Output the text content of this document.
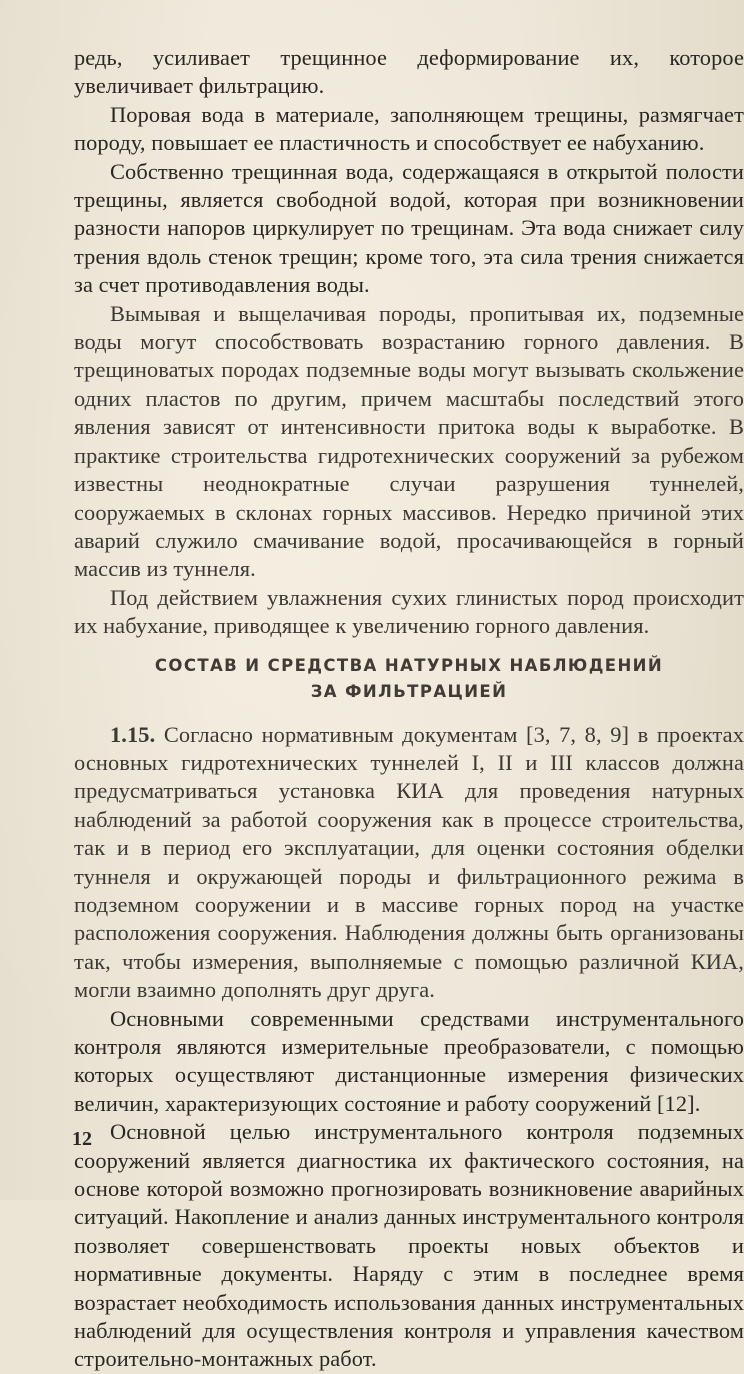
редь, усиливает трещинное деформирование их, которое увеличивает фильтрацию.

Поровая вода в материале, заполняющем трещины, размягчает породу, повышает ее пластичность и способствует ее набуханию.

Собственно трещинная вода, содержащаяся в открытой полости трещины, является свободной водой, которая при возникновении разности напоров циркулирует по трещинам. Эта вода снижает силу трения вдоль стенок трещин; кроме того, эта сила трения снижается за счет противодавления воды.

Вымывая и выщелачивая породы, пропитывая их, подземные воды могут способствовать возрастанию горного давления. В трещиноватых породах подземные воды могут вызывать скольжение одних пластов по другим, причем масштабы последствий этого явления зависят от интенсивности притока воды к выработке. В практике строительства гидротехнических сооружений за рубежом известны неоднократные случаи разрушения туннелей, сооружаемых в склонах горных массивов. Нередко причиной этих аварий служило смачивание водой, просачивающейся в горный массив из туннеля.

Под действием увлажнения сухих глинистых пород происходит их набухание, приводящее к увеличению горного давления.

СОСТАВ И СРЕДСТВА НАТУРНЫХ НАБЛЮДЕНИЙ
ЗА ФИЛЬТРАЦИЕЙ

1.15. Согласно нормативным документам [3, 7, 8, 9] в проектах основных гидротехнических туннелей I, II и III классов должна предусматриваться установка КИА для проведения натурных наблюдений за работой сооружения как в процессе строительства, так и в период его эксплуатации, для оценки состояния обделки туннеля и окружающей породы и фильтрационного режима в подземном сооружении и в массиве горных пород на участке расположения сооружения. Наблюдения должны быть организованы так, чтобы измерения, выполняемые с помощью различной КИА, могли взаимно дополнять друг друга.

Основными современными средствами инструментального контроля являются измерительные преобразователи, с помощью которых осуществляют дистанционные измерения физических величин, характеризующих состояние и работу сооружений [12].

Основной целью инструментального контроля подземных сооружений является диагностика их фактического состояния, на основе которой возможно прогнозировать возникновение аварийных ситуаций. Накопление и анализ данных инструментального контроля позволяет совершенствовать проекты новых объектов и нормативные документы. Наряду с этим в последнее время возрастает необходимость использования данных инструментальных наблюдений для осуществления контроля и управления качеством строительно-монтажных работ.

12
